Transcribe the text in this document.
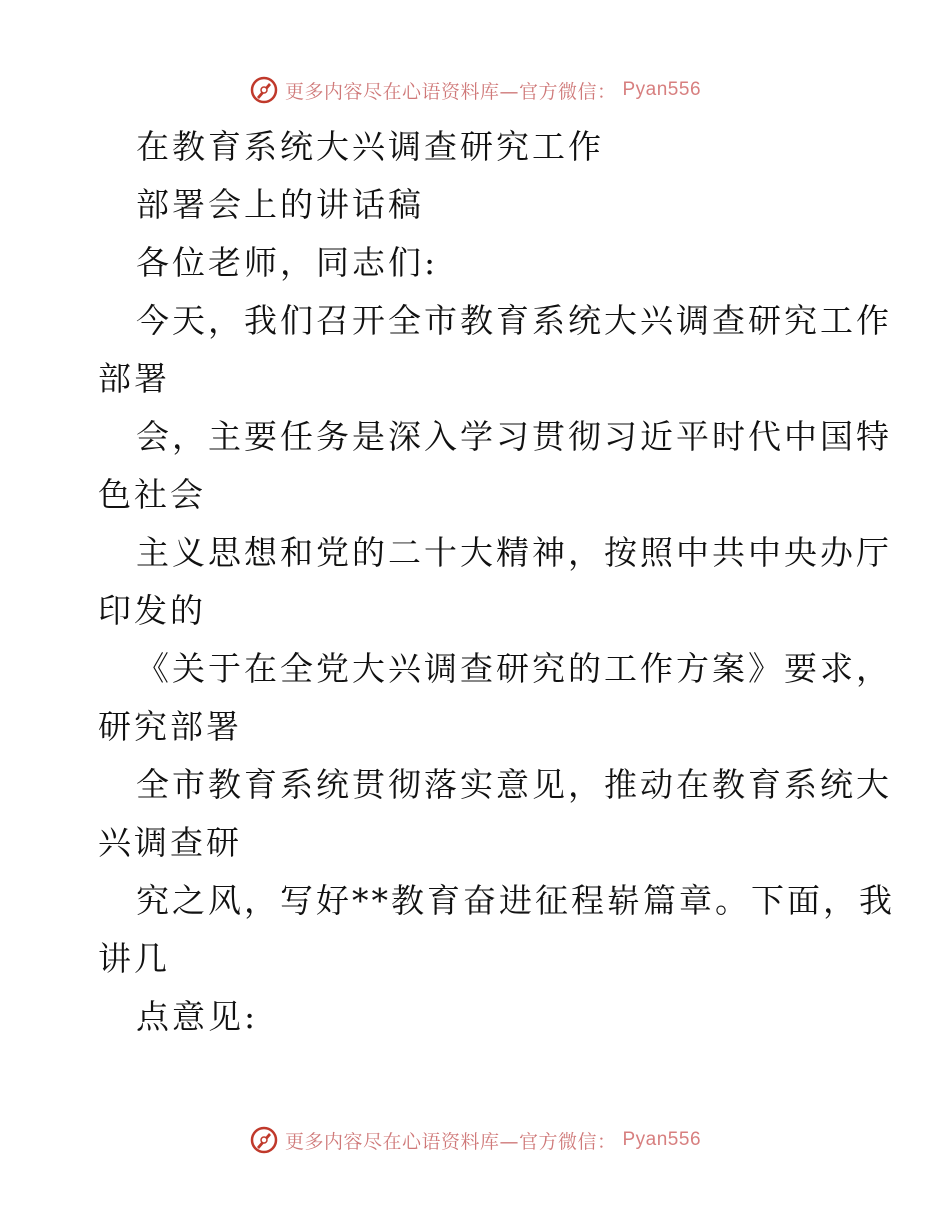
更多内容尽在心语资料库—官方微信： Pyan556
在教育系统大兴调查研究工作
部署会上的讲话稿
各位老师，同志们:
今天，我们召开全市教育系统大兴调查研究工作
部署
会，主要任务是深入学习贯彻习近平时代中国特
色社会
主义思想和党的二十大精神，按照中共中央办厅
印发的
《关于在全党大兴调查研究的工作方案》要求，
研究部署
全市教育系统贯彻落实意见，推动在教育系统大
兴调查研
究之风，写好**教育奋进征程崭篇章。下面，我
讲几
点意见:
更多内容尽在心语资料库—官方微信： Pyan556
